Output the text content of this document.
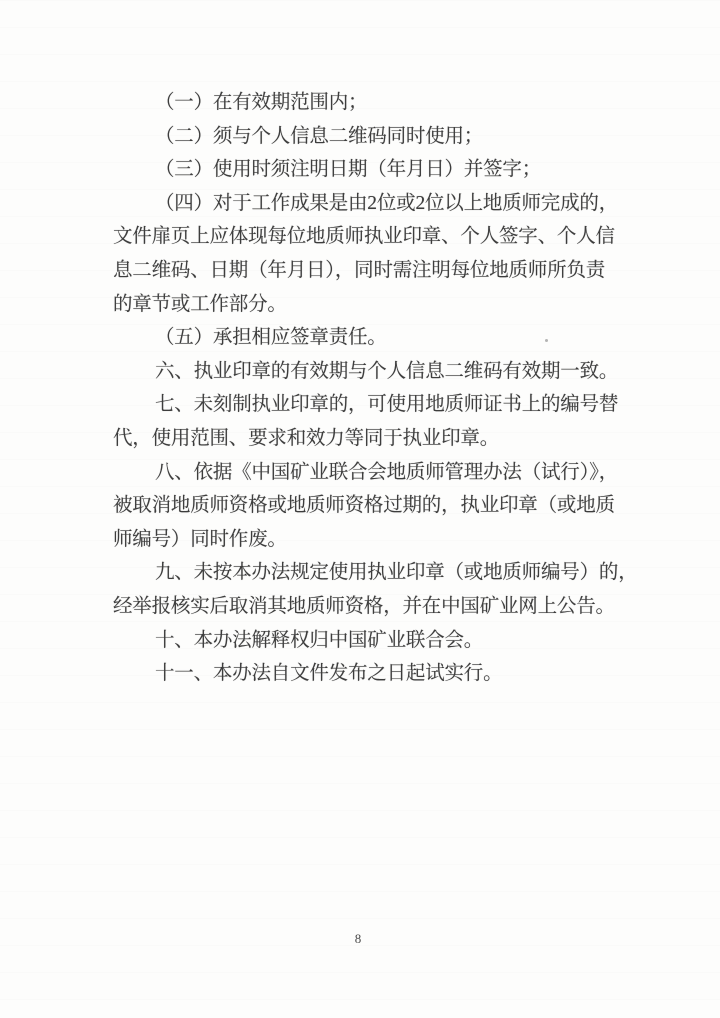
（一）在有效期范围内；
（二）须与个人信息二维码同时使用；
（三）使用时须注明日期（年月日）并签字；
（四）对于工作成果是由2位或2位以上地质师完成的，
文件扉页上应体现每位地质师执业印章、个人签字、个人信
息二维码、日期（年月日），同时需注明每位地质师所负责
的章节或工作部分。
（五）承担相应签章责任。
六、执业印章的有效期与个人信息二维码有效期一致。
七、未刻制执业印章的，可使用地质师证书上的编号替
代，使用范围、要求和效力等同于执业印章。
八、依据《中国矿业联合会地质师管理办法（试行）》，
被取消地质师资格或地质师资格过期的，执业印章（或地质
师编号）同时作废。
九、未按本办法规定使用执业印章（或地质师编号）的，
经举报核实后取消其地质师资格，并在中国矿业网上公告。
十、本办法解释权归中国矿业联合会。
十一、本办法自文件发布之日起试实行。
8
